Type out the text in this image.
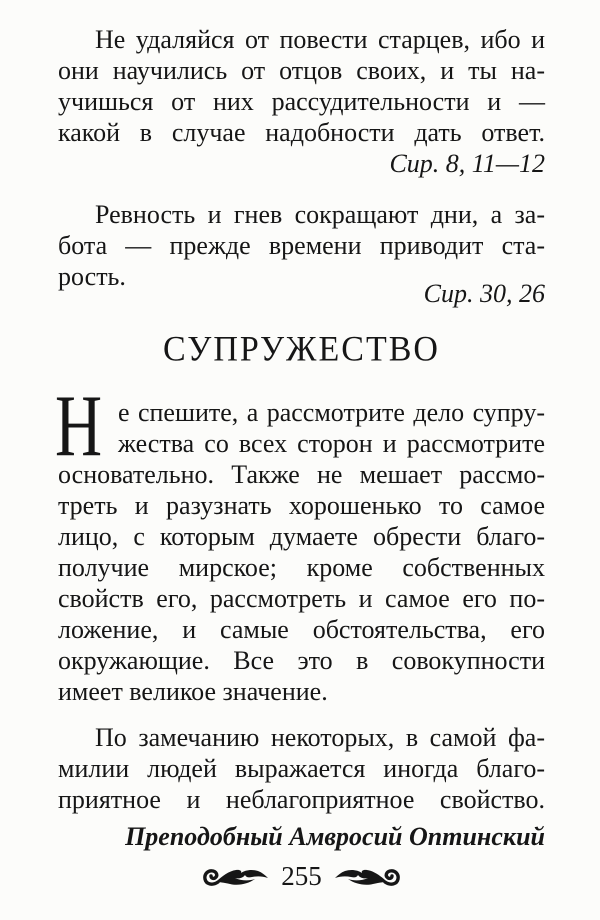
Не удаляйся от повести старцев, ибо и
они научились от отцов своих, и ты на-
учишься от них рассудительности и —
какой в случае надобности дать ответ.
Сир. 8, 11—12
Ревность и гнев сокращают дни, а за-
бота — прежде времени приводит ста-
рость.
Сир. 30, 26
СУПРУЖЕСТВО
Н е спешите, а рассмотрите дело супру-
жества со всех сторон и рассмотрите
основательно. Также не мешает рассмо-
треть и разузнать хорошенько то самое
лицо, с которым думаете обрести благо-
получие мирское; кроме собственных
свойств его, рассмотреть и самое его по-
ложение, и самые обстоятельства, его
окружающие. Все это в совокупности
имеет великое значение.
По замечанию некоторых, в самой фа-
милии людей выражается иногда благо-
приятное и неблагоприятное свойство.
Преподобный Амвросий Оптинский
255
